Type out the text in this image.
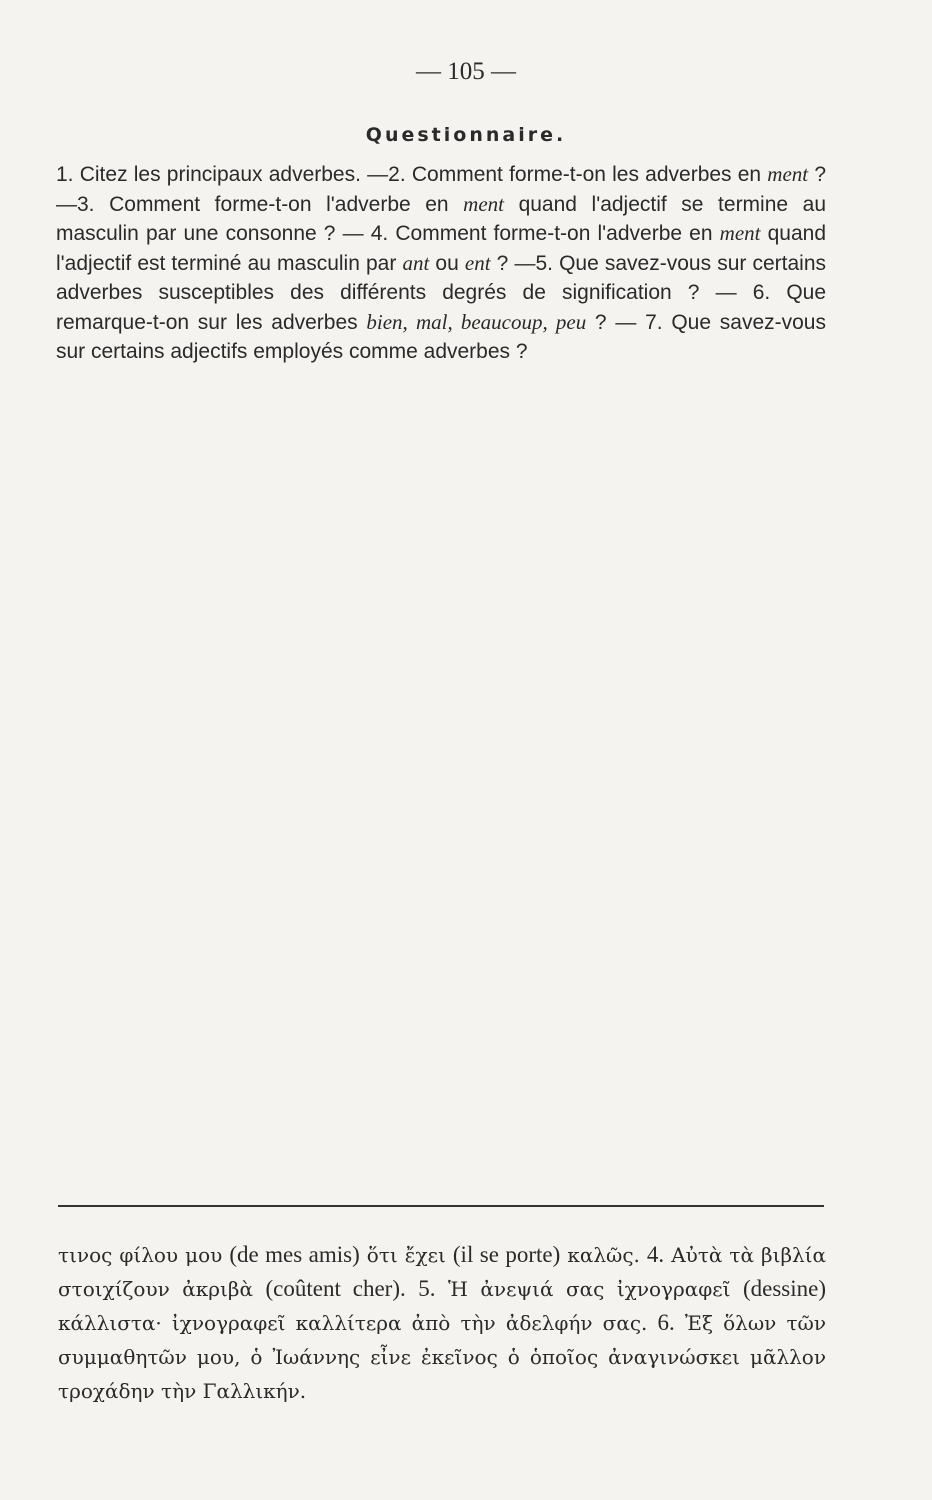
— 105 —
Questionnaire.
1. Citez les principaux adverbes. —2. Comment forme-t-on les adverbes en ment ? —3. Comment forme-t-on l'adverbe en ment quand l'adjectif se termine au masculin par une consonne ? — 4. Comment forme-t-on l'adverbe en ment quand l'adjectif est terminé au masculin par ant ou ent ? —5. Que savez-vous sur certains adverbes susceptibles des différents degrés de signification ? — 6. Que remarque-t-on sur les adverbes bien, mal, beaucoup, peu ? — 7. Que savez-vous sur certains adjectifs employés comme adverbes ?
τινος φίλου μου (de mes amis) ὅτι ἔχει (il se porte) καλῶς. 4. Αὐτὰ τὰ βιβλία στοιχίζουν ἀκριβὰ (coûtent cher). 5. Ἡ ἀνεψιά σας ἰχνογραφεῖ (dessine) κάλλιστα· ἰχνογραφεῖ καλλίτερα ἀπὸ τὴν ἀδελφήν σας. 6. Ἐξ ὅλων τῶν συμμαθητῶν μου, ὁ Ἰωάννης εἶνε ἐκεῖνος ὁ ὁποῖος ἀναγινώσκει μᾶλλον τροχάδην τὴν Γαλλικήν.
